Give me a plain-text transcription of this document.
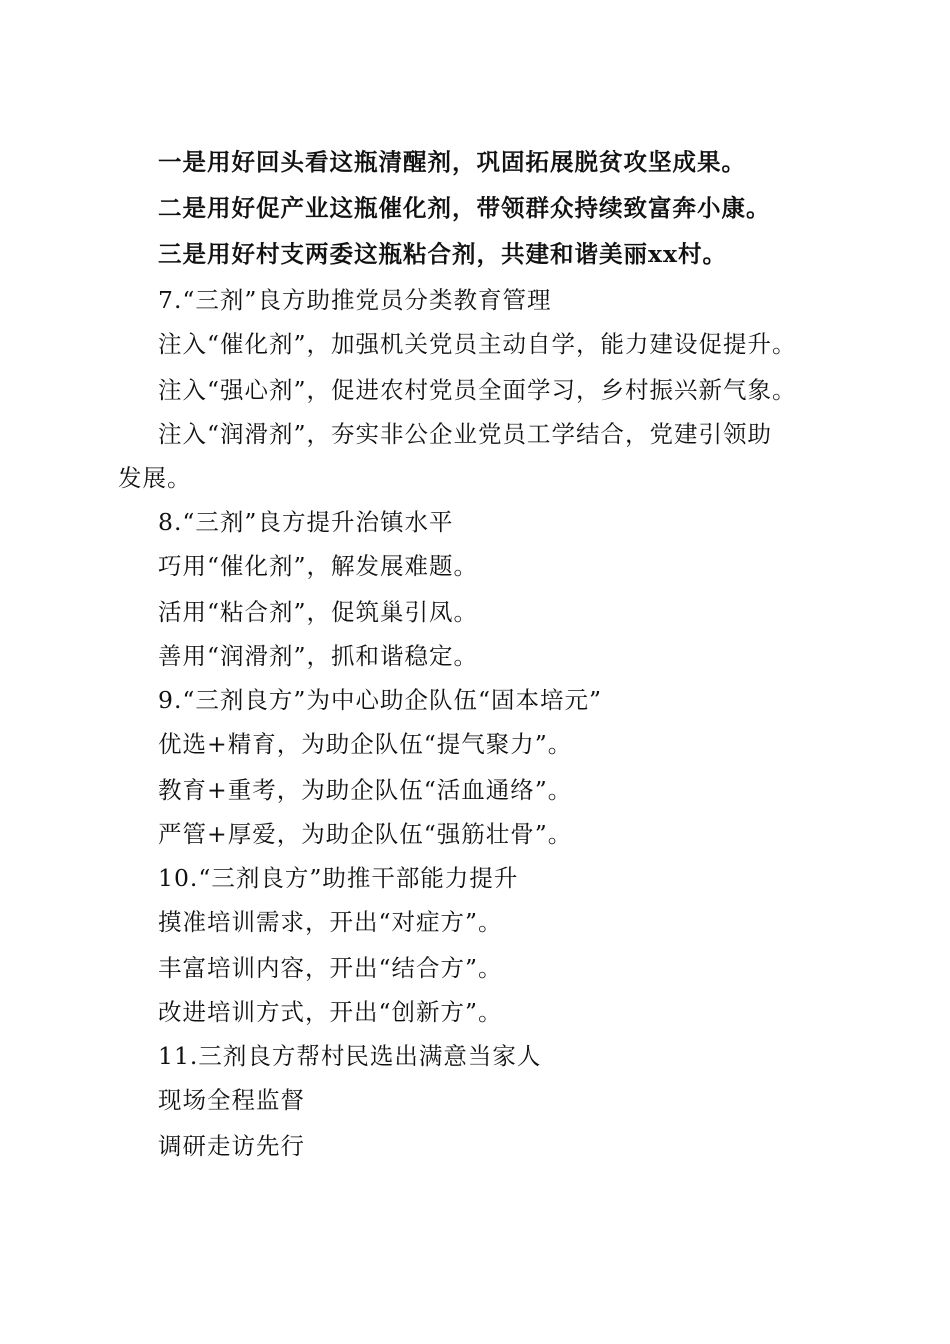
一是用好回头看这瓶清醒剂，巩固拓展脱贫攻坚成果。
二是用好促产业这瓶催化剂，带领群众持续致富奔小康。
三是用好村支两委这瓶粘合剂，共建和谐美丽xx村。
7.“三剂”良方助推党员分类教育管理
注入“催化剂”，加强机关党员主动自学，能力建设促提升。
注入“强心剂”，促进农村党员全面学习，乡村振兴新气象。
注入“润滑剂”，夯实非公企业党员工学结合，党建引领助
发展。
8.“三剂”良方提升治镇水平
巧用“催化剂”，解发展难题。
活用“粘合剂”，促筑巢引凤。
善用“润滑剂”，抓和谐稳定。
9.“三剂良方”为中心助企队伍“固本培元”
优选+精育，为助企队伍“提气聚力”。
教育+重考，为助企队伍“活血通络”。
严管+厚爱，为助企队伍“强筋壮骨”。
10.“三剂良方”助推干部能力提升
摸准培训需求，开出“对症方”。
丰富培训内容，开出“结合方”。
改进培训方式，开出“创新方”。
11.三剂良方帮村民选出满意当家人
现场全程监督
调研走访先行
